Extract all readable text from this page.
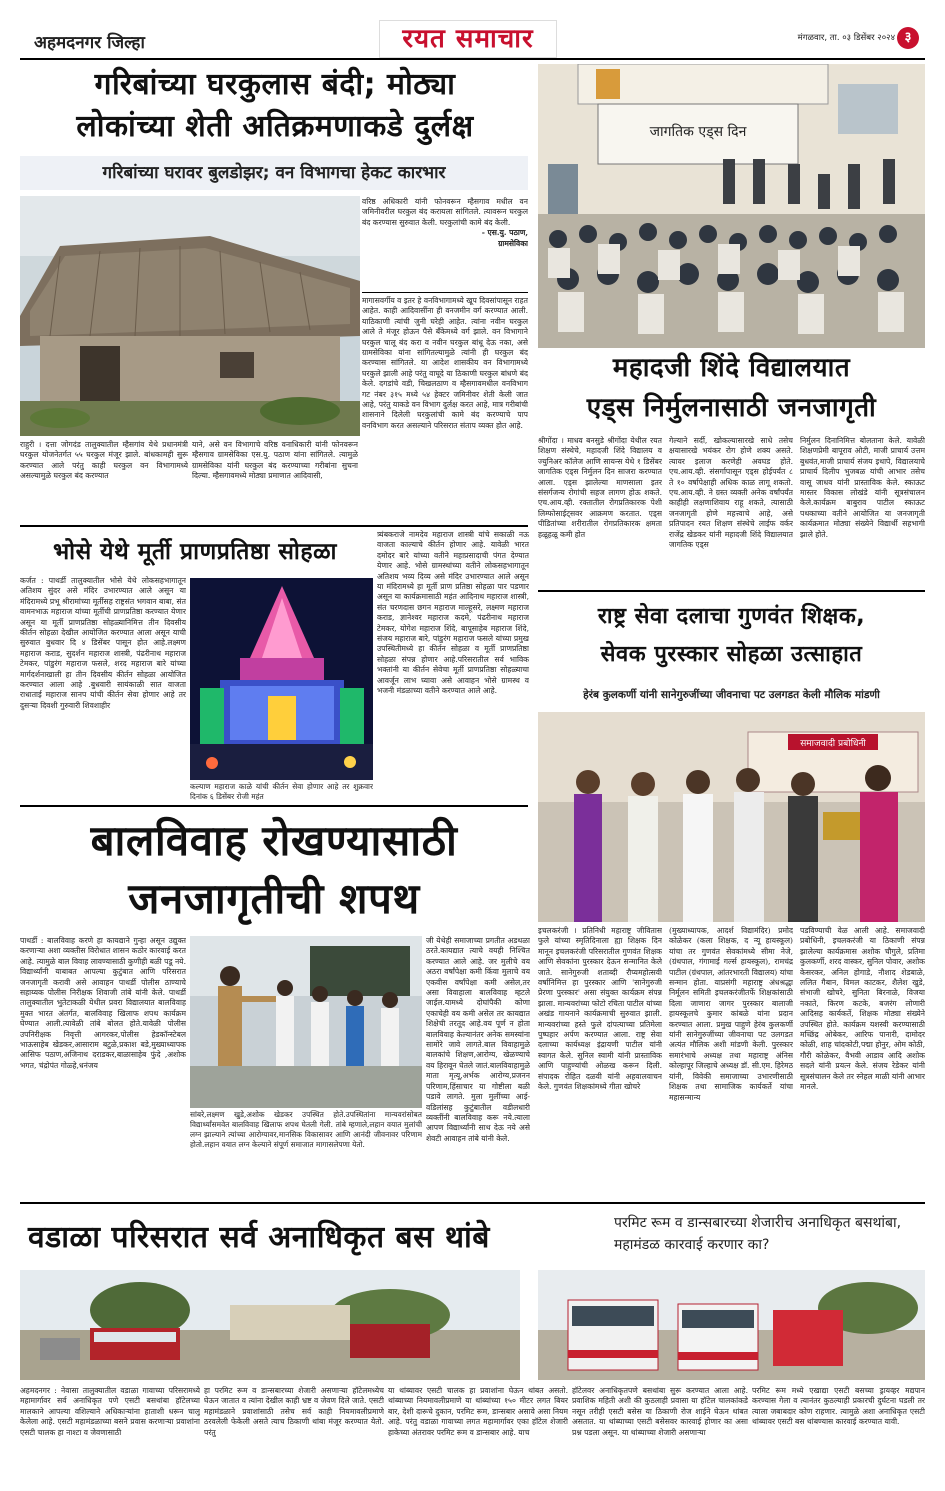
अहमदनगर जिल्हा	रयत समाचार	मंगळवार, ता. ०३ डिसेंबर २०२४ ३
गरिबांच्या घरकुलास बंदी; मोठ्या
लोकांच्या शेती अतिक्रमणाकडे दुर्लक्ष
गरिबांच्या घरावर बुलडोझर; वन विभागचा हेकट कारभार
वरिष्ठ अधिकारी यांनी फोनवरून म्हैसगाव मधील वन जमिनीवरील घरकुल बंद करायला सांगितले. त्यावरून घरकुल बंद करण्यास सुरुवात केली. घरकुलांची कामे बंद केली.
- एस.यु. पठाण,
ग्रामसेविका
मागासवर्गीय व इतर हे वनविभागामध्ये खूप दिवसांपासून राहत आहेत. काही आदिवासींना ही वनजमीन वर्ग करण्यात आली. याठिकाणी त्यांची जुनी घरेही आहेत. त्यांना नवीन घरकुल आले ते मंजूर होऊन पैसे बँकेमध्ये वर्ग झाले. वन विभागाने घरकुल चालू बंद करा व नवीन घरकुल बांधू देऊ नका, असे ग्रामसेविका यांना सांगितल्यामुळे त्यांनी ही घरकुल बंद करण्यास सांगितले. या आदेश शासकीय वन विभागामध्ये घरकुले झाली आहे परंतु वाघूदे या ठिकाणी घरकुल बांधणे बंद केले. दगडांचे वडी, चिखलठाण व म्हैसगावमधील वनविभाग गट नंबर ३१५ मध्ये ५४ हेक्टर जमिनीवर शेती केली जात आहे, परंतु याकडे वन विभाग दुर्लक्ष करत आहे, मात्र गरीबांची शासनाने दिलेली घरकुलांची कामे बंद करण्याचे पाप वनविभाग करत असल्याने परिसरात संताप व्यक्त होत आहे.
राहुरी । दत्ता जोगदंड तालुक्यातील म्हैसगांव येथे प्रधानमंत्री घरकुल योजनेतर्गत ५५ घरकुल मंजूर झाले. बांधकामही सुरू करण्यात आले परंतु काही घरकुल वन विभागामध्ये असल्यामुळे घरकुल बंद करण्यात
याने, असे वन विभागाचे वरिष्ठ वनाधिकारी यांनी फोनवरून म्हैसगाव ग्रामसेविका एस.यु. पठाण यांना सांगितले. त्यामुळे ग्रामसेविका यांनी घरकुल बंद करण्याच्या गरीबांना सुचना दिल्या. म्हैसगावमध्ये मोठ्या प्रमाणात आदिवासी,
जागतिक एड्स दिन
महादजी शिंदे विद्यालयात
एड्स निर्मुलनासाठी जनजागृती
श्रीगोंदा । माधव बनसुडे श्रीगोंदा येथील रयत शिक्षण संस्थेचे, महादजी शिंदे विद्यालय व ज्युनिअर कॉलेज आणि सायन्स येथे १ डिसेंबर जागतिक एड्स निर्मुलन दिन साजरा करण्यात आला. एड्स झालेल्या माणसाला इतर संसर्गजन्य रोगांची सहज लागण होऊ शकते. एच.आय.व्ही. रक्तातील रोगप्रतिकारक पेशी लिम्फोसाईट्सवर आक्रमण करतात. एड्स पीडितांच्या शरीरातील रोगप्रतिकारक क्षमता हळूहळू कमी होत
गेल्याने सर्दी, खोकल्यासारखे साधे तसेच क्षयासारखे भयंकर रोग होणे शक्य असते. त्यावर इलाज करणेही अवघड होते. एच.आय.व्ही. संसर्गापासून एड्स होईपर्यंत ८ ते १० वर्षापेक्षाही अधिक काळ लागू शकतो. एच.आय.व्ही. ने ग्रस्त व्यक्ती अनेक वर्षांपर्यंत काहीही लक्षणाशिवाय राहू शकते, त्यासाठी जनजागृती होणे महत्त्वाचे आहे, असे प्रतिपादन रयत शिक्षण संस्थेचे लाईफ वर्कर राजेंद्र खेडकर यांनी महादजी शिंदे विद्यालयात जागतिक एड्स
निर्मुलन दिनानिमित्त बोलताना केले. यावेळी शिक्षणप्रेमी बापूराव ओटी, माजी प्राचार्य उत्तम बुधवंत,माजी प्राचार्य संजय इथापे, विद्यालयाचे प्राचार्य दिलीप भुजबळ यांची आभार तसेच वासू जाधव यांनी प्रास्ताविक केले. स्काऊट मास्तर विकास लोखंडे यांनी सूत्रसंचालन केले.कार्यक्रम बाबुराव पाटील स्काऊट पथकाच्या वतीने आयोजित या जनजागृती कार्यक्रमात मोठ्या संख्येने विद्यार्थी सहभागी झाले होते.
भोसे येथे मूर्ती प्राणप्रतिष्ठा सोहळा
कर्जत : पाथर्डी तालुक्यातील भोसे येथे लोकसहभागातून अतिशय सुंदर असे मंदिर उभारण्यात आले असून या मंदिरामध्ये प्रभू श्रीरामांच्या मूर्तीसह राष्ट्रसंत भगवान बाबा, संत वामनभाऊ महाराज यांच्या मूर्तीची प्राणप्रतिष्ठा करण्यात येणार असून या मूर्ती प्राणप्रतिष्ठा सोहळ्यानिमित्त तीन दिवसीय कीर्तन सोहळा देखील आयोजित करण्यात आला असून याची सुरुवात बुधवार दि ४ डिसेंबर पासून होत आहे.लक्ष्मण महाराज कराड, सुदर्शन महाराज शास्त्री, पंढरीनाथ महाराज टेमकर, पांडुरंग महाराज फसले, शरद महाराज बारे यांच्या मार्गदर्शनाखाली हा तीन दिवसीय कीर्तन सोहळा आयोजित करण्यात आला आहे .बुधवारी सायंकाळी सात वाजता राधाताई महाराज सानप यांची कीर्तन सेवा होणार आहे तर दुसऱ्या दिवशी गुरुवारी शिवशाहीर
कल्याण महाराज काळे यांची कीर्तन सेवा होणार आहे तर शुक्रवार दिनांक ६ डिसेंबर रोजी महंत
त्र्यंबकराजे नामदेव महाराज शास्त्री यांचे सकाळी नऊ वाजता काल्याचे कीर्तन होणार आहे. यावेळी भारत दमोदर बारे यांच्या वतीने महाप्रसादाची पंगत देण्यात येणार आहे. भोसे ग्रामस्थांच्या वतीने लोकसहभागातून अतिशय भव्य दिव्य असे मंदिर उभारण्यात आले असून या मंदिरामध्ये हा मूर्ती प्राण प्रतिष्ठा सोहळा पार पडणार असून या कार्यक्रमासाठी महंत आदिनाथ महाराज शास्त्री, संत चरणदास छगन महाराज माल्हूसरे, लक्ष्मण महाराज कराड, ज्ञानेश्वर महाराज कदमे, पंढरीनाथ महाराज टेमकर, योगेश महाराज शिंदे, बापूसाहेब महाराज शिंदे, संजय महाराज बारे, पांडुरंग महाराज फसले यांच्या प्रमुख उपस्थितीमध्ये हा कीर्तन सोहळा व मूर्ती प्राणप्रतिष्ठा सोहळा संपन्न होणार आहे.परिसरातील सर्व भाविक भक्तांनी या कीर्तन सेवेचा मूर्ती प्राणप्रतिष्ठा सोहळ्याचा आवर्जून लाभ घ्यावा असे आवाहन भोसे ग्रामस्थ व भजनी मंडळाच्या वतीने करण्यात आले आहे.
राष्ट्र सेवा दलाचा गुणवंत शिक्षक,
सेवक पुरस्कार सोहळा उत्साहात
हेरंब कुलकर्णी यांनी सानेगुरुजींच्या जीवनाचा पट उलगडत केली मौलिक मांडणी
समाजवादी प्रबोधिनी
इचलकरंजी । प्रतिनिधी महाराष्ट्र जीवितास फुले यांच्या स्मृतिदिनाला ह्या शिक्षक दिन मानून इचलकरंजी परिसरातील गुणवंत शिक्षक आणि सेवकांना पुरस्कार देऊन सन्मानित केले जाते. सानेगुरुजी शताब्दी रौप्यमहोत्सवी वर्षानिमित्त हा पुरस्कार आणि 'सानेगुरुजी प्रेरणा पुरस्कार' असा संयुक्त कार्यक्रम संपन्न झाला. मान्यवरांच्या फोटो रचिता पाटील यांच्या अखंड गायनाने कार्यक्रमाची सुरुवात झाली. मान्यवरांच्या हस्ते फुले दांपत्याच्या प्रतिमेला पुष्पहार अर्पण करण्यात आला. राष्ट्र सेवा दलाच्या कार्यध्यक्ष इंद्रायणी पाटील यांनी स्वागत केले. सुनिल स्वामी यांनी प्रास्ताविक आणि पाहुण्यांची ओळख करून दिली. संपादक रोहित दळवी यांनी अहवालवाचन केले. गुणवंत शिक्षकांमध्ये गीता खोचरे
(मुख्याध्यापक, आदर्श विद्यामंदिर) प्रमोद कोळेकर (कला शिक्षक, द न्यू हायस्कूल) यांचा तर गुणवंत सेवकांमध्ये सीमा नेजे, (ग्रंथपाल, गंगामाई गर्ल्स हायस्कूल), रामचंद्र पाटील (ग्रंथपाल, आंतरभारती विद्यालय) यांचा सन्मान होता. याप्रसंगी महाराष्ट्र अंधश्रद्धा निर्मूलन समिती इचलकरंजीतर्फे शिक्षकांसाठी दिला जाणारा जागर पुरस्कार बालाजी हायस्कूलचे कुमार कांबळे यांना प्रदान करण्यात आला. प्रमुख पाहुणे हेरंब कुलकर्णी यांनी सानेगुरुजींच्या जीवनाचा पट उलगडत अत्यंत मौलिक अशी मांडणी केली. पुरस्कार समारंभाचे अध्यक्ष तथा महाराष्ट्र अंनिस कोल्हापूर जिल्हाचे अध्यक्ष डॉ. सी.एम. हिरेमठ यांनी, विवेकी समाजाच्या उभारणीसाठी शिक्षक तथा सामाजिक कार्यकर्ते यांचा महासन्मान्य
पडविण्याची वेळ आली आहे. समाजवादी प्रबोधिनी, इचलकरंजी या ठिकाणी संपन्न झालेल्या कार्यक्रमास अशोक चौगुले, प्रतिमा कुलकर्णी, शरद वास्कर, सुनिल पोवार, अशोक केसरकर, अनिल होगाडे, नौशाद शेडबाळे, ललित गैबान, विमल काटकर, शैलेश खुडे, संभाजी खोचरे, सुनिता बिरनाळे, विजया नकाते, किरण कटके, बजरंग लोणारी आदिसह कार्यकर्ते, शिक्षक मोठ्या संख्येने उपस्थित होते. कार्यक्रम यशस्वी करण्यासाठी मच्छिंद्र ओबेकर, आरिफ पानारी, दामोदर कोळी, शाह चांदकोटी,पद्मा होनुर, ओम कोठी, गौरी कोळेकर, वैभवी आडाव आदि अशोक सदले यांनी प्रयत्न केले. संजय रेडेकर यांनी सूत्रसंचालन केले तर स्नेहल माळी यांनी आभार मानले.
बालविवाह रोखण्यासाठी
जनजागृतीची शपथ
पाथर्डी : बालविवाह करणे हा कायद्याने गुन्हा असून उद्युक्त करणाऱ्या अशा व्यक्तीस विरोधात शासन कठोर कारवाई करत आहे. त्यामुळे बाल विवाह लावण्यासाठी कुणीही बळी पडू नये. विद्यार्थ्यांनी याबाबत आपल्या कुटुंबात आणि परिसरात जनजागृती करावी असे आवाहन पाथर्डी पोलीस ठाण्याचे सहाय्यक पोलीस निरीक्षक शिवाजी तांबे यांनी केले. पाथर्डी तालुक्यातील भुतेटाकळी येथील प्रवरा विद्यालयात बालविवाह मुक्त भारत अंतर्गत, बालविवाह खिलाफ शपथ कार्यक्रम घेण्यात आली.त्यावेळी तांबे बोलत होते.यावेळी पोलीस उपनिरीक्षक निवृत्ती आगरकर,पोलीस हेडकॉन्स्टेबल भाऊसाहेब खेडकर,आसाराम बटुळे,प्रकाश बडे,मुख्याध्यापक आसिफ पठाण,अजिनाथ दराडकर,बाळासाहेब फुंदे ,अशोक भगत, चंद्रोपंत गोळ्हे,धनंजय
सांबरे,लक्ष्मण खुडे,अशोक खेडकर उपस्थित होते.उपस्थितांना मान्यवरांसोबत विद्यार्थ्यांसमवेत बालविवाह खिलाफ शपथ घेतली गेली. तांबे म्हणाले,लहान वयात मुलांची लग्न झाल्याने त्यांच्या आरोग्यावर,मानसिक विकासावर आणि आनंदी जीवनावर परिणाम होतो.लहान वयात लग्न केल्याने संपूर्ण समाजात मागासलेपणा येतो.
जी येथेही समाजाच्या प्रगतीत अडथळा ठरते.कायद्यात त्याचे वयही निश्चित करण्यात आले आहे. जर मुलीचे वय अठरा वर्षांपेक्षा कमी किंवा मुलाचे वय एकवीस वर्षांपेक्षा कमी असेल,तर असा विवाहाला बालविवाह म्हटले जाईल.यामध्ये दोघांपैकी कोणा एकाचेही वय कमी असेल तर कायद्यात शिक्षेची तरतूद आहे.वय पूर्ण न होता बालविवाह केल्यानंतर अनेक समस्यांना सामोरे जावे लागते.बाल विवाहामुळे बालकांचे शिक्षण,आरोग्य, खेळण्याचे वय हिरावून घेतले जातं.बालविवाहामुळे माता मृत्यू,अर्भक आरोग्य,प्रजनन परिणाम,हिंसाचार या गोष्टीला बळी पडावे लागते. मुला मुलींच्या आई-वडिलांसह कुटुंबातील वडीलधारी व्यक्तींनी बालविवाह करू नये.त्याला आपण विद्यार्थ्यांनी साथ देऊ नये असे शेवटी आवाहन तांबे यांनी केले.
वडाळा परिसरात सर्व अनाधिकृत बस थांबे	परमिट रूम व डान्सबारच्या शेजारीच अनाधिकृत बसथांबा, महामंडळ कारवाई करणार का?
अहमदनगर : नेवासा तालुक्यातील वडाळा गावाच्या परिसरामध्ये महामार्गावर सर्व अनाधिकृत पणे एसटी बसथांबा हॉटेलच्या मालकाने आपल्या वशिल्याने अधिकाऱ्यांना हाताशी धरून चालू केलेला आहे. एसटी महामंडळाच्या बसने प्रवास करणाऱ्या प्रवाशांना एसटी चालक हा नाश्टा व जेवणासाठी
हा परमिट रूम व डान्सबारच्या शेजारी असणाऱ्या हॉटेलमध्येच घेऊन जातात व त्यांना देखील काही भ्रष्ट व जेवण दिले जाते. एसटी महामंडळाने प्रवाशांसाठी तसेच सर्व काही नियमावलीप्रमाणे ठरवलेली फेकेली असते त्याच ठिकाणी थांबा मंजूर करण्यात येतो. परंतु
या थांब्यावर एसटी चालक हा प्रवाशांना घेऊन थांबत असतो. थांब्याच्या नियमावलीप्रमाणे या थांब्यांच्या १५० मीटर लगत बियर बार, देशी दारूचे दुकान, परमिट रूम, डान्सबार असावे असा नियम आहे. परंतु वडाळा गावाच्या लगत महामार्गावर एका हॉटेल शेजारी हाकेच्या अंतरावर परमिट रूम व डान्सबार आहे. याच
हॉटेलवर अनाधिकृतपणे बसथांबा सुरू करण्यात आला आहे. प्रवाशिक महिती अशी की कुठलाही प्रवासा या हॉटेल चालकांकडे नसून तरीही एसटी बसेस या ठिकाणी रोज शाईने घेऊन थांबत असतात. या थांब्याच्या एसटी बसेसवर कारवाई होणार का असा प्रश्न पडला असून. या थांब्याच्या शेजारी असणाऱ्या
परमिट रूम मध्ये एखाद्या एसटी बसच्या ड्रायव्हर मद्यपान करण्यास गेला व त्यानंतर कुठल्याही प्रकारची दुर्घटना घडली तर त्याला जबाबदार कोण राहणार. त्यामुळे अशा अनाधिकृत एसटी थांब्यावर एसटी बस थांबण्यास कारवाई करण्यात यावी.
